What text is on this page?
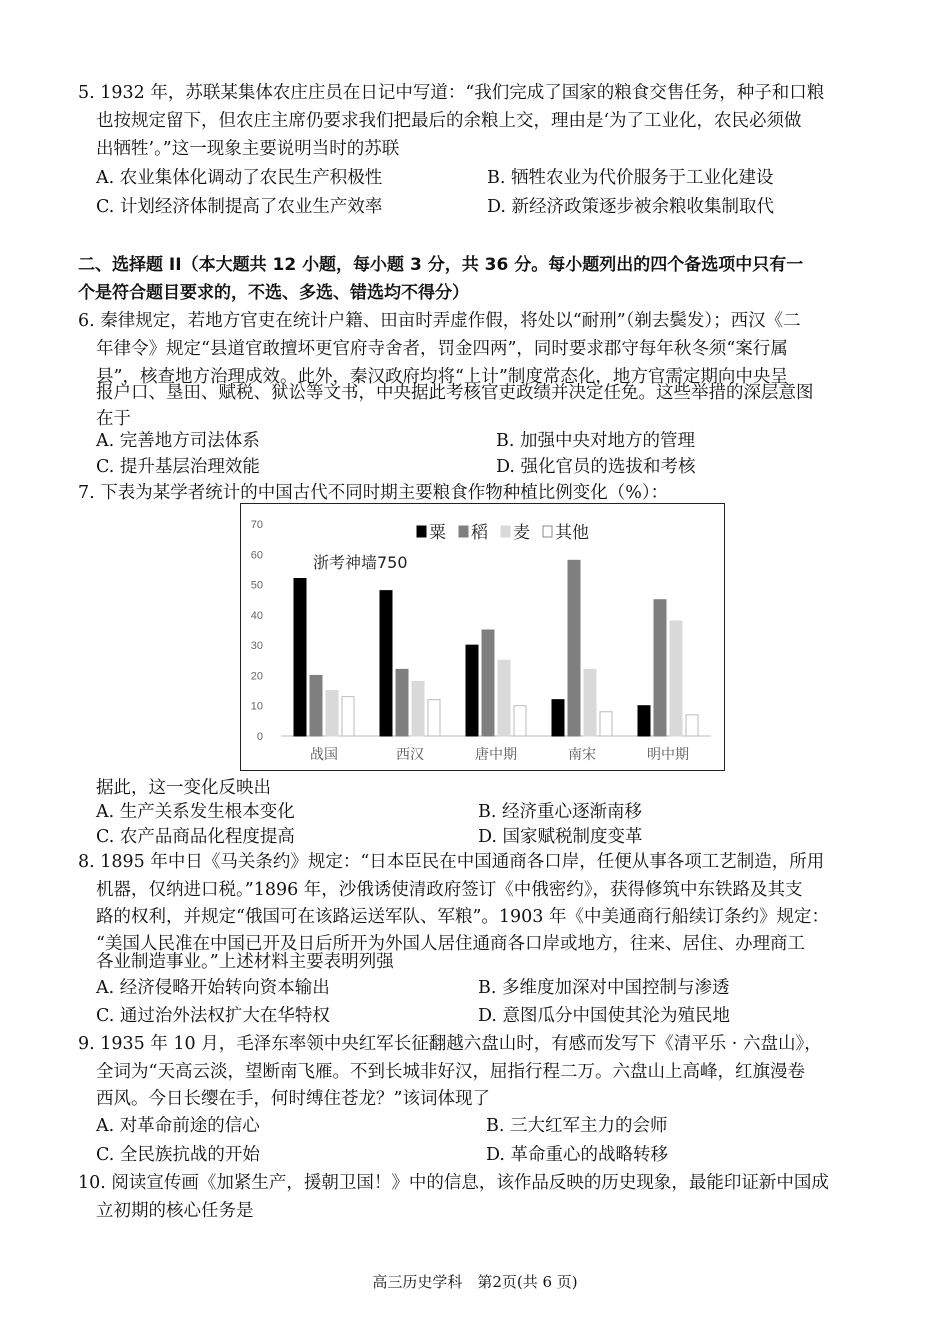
5. 1932 年，苏联某集体农庄庄员在日记中写道：“我们完成了国家的粮食交售任务，种子和口粮
也按规定留下，但农庄主席仍要求我们把最后的余粮上交，理由是‘为了工业化，农民必须做
出牺牲’。”这一现象主要说明当时的苏联
A. 农业集体化调动了农民生产积极性	B. 牺牲农业为代价服务于工业化建设
C. 计划经济体制提高了农业生产效率	D. 新经济政策逐步被余粮收集制取代
二、选择题 II（本大题共 12 小题，每小题 3 分，共 36 分。每小题列出的四个备选项中只有一
个是符合题目要求的，不选、多选、错选均不得分）
6. 秦律规定，若地方官吏在统计户籍、田亩时弄虚作假，将处以“耐刑”（剃去鬓发）；西汉《二
年律令》规定“县道官敢擅坏更官府寺舍者，罚金四两”，同时要求郡守每年秋冬须“案行属
县”，核查地方治理成效。此外，秦汉政府均将“上计”制度常态化，地方官需定期向中央呈
报户口、垦田、赋税、狱讼等文书，中央据此考核官吏政绩并决定任免。这些举措的深层意图
在于
A. 完善地方司法体系	B. 加强中央对地方的管理
C. 提升基层治理效能	D. 强化官员的选拔和考核
7. 下表为某学者统计的中国古代不同时期主要粮食作物种植比例变化（%）：
0
10
20
30
40
50
60
70
战国	西汉	唐中期	南宋	明中期
粟 稻 麦 其他
浙考神墙750
据此，这一变化反映出
A. 生产关系发生根本变化	B. 经济重心逐渐南移
C. 农产品商品化程度提高	D. 国家赋税制度变革
8. 1895 年中日《马关条约》规定：“日本臣民在中国通商各口岸，任便从事各项工艺制造，所用
机器，仅纳进口税。”1896 年，沙俄诱使清政府签订《中俄密约》，获得修筑中东铁路及其支
路的权利，并规定“俄国可在该路运送军队、军粮”。1903 年《中美通商行船续订条约》规定：
“美国人民准在中国已开及日后所开为外国人居住通商各口岸或地方，往来、居住、办理商工
各业制造事业。”上述材料主要表明列强
A. 经济侵略开始转向资本输出	B. 多维度加深对中国控制与渗透
C. 通过治外法权扩大在华特权	D. 意图瓜分中国使其沦为殖民地
9. 1935 年 10 月，毛泽东率领中央红军长征翻越六盘山时，有感而发写下《清平乐 · 六盘山》，
全词为“天高云淡，望断南飞雁。不到长城非好汉，屈指行程二万。六盘山上高峰，红旗漫卷
西风。今日长缨在手，何时缚住苍龙？”该词体现了
A. 对革命前途的信心	B. 三大红军主力的会师
C. 全民族抗战的开始	D. 革命重心的战略转移
10. 阅读宣传画《加紧生产，援朝卫国！》中的信息，该作品反映的历史现象，最能印证新中国成
立初期的核心任务是
高三历史学科　第2页(共 6 页)
